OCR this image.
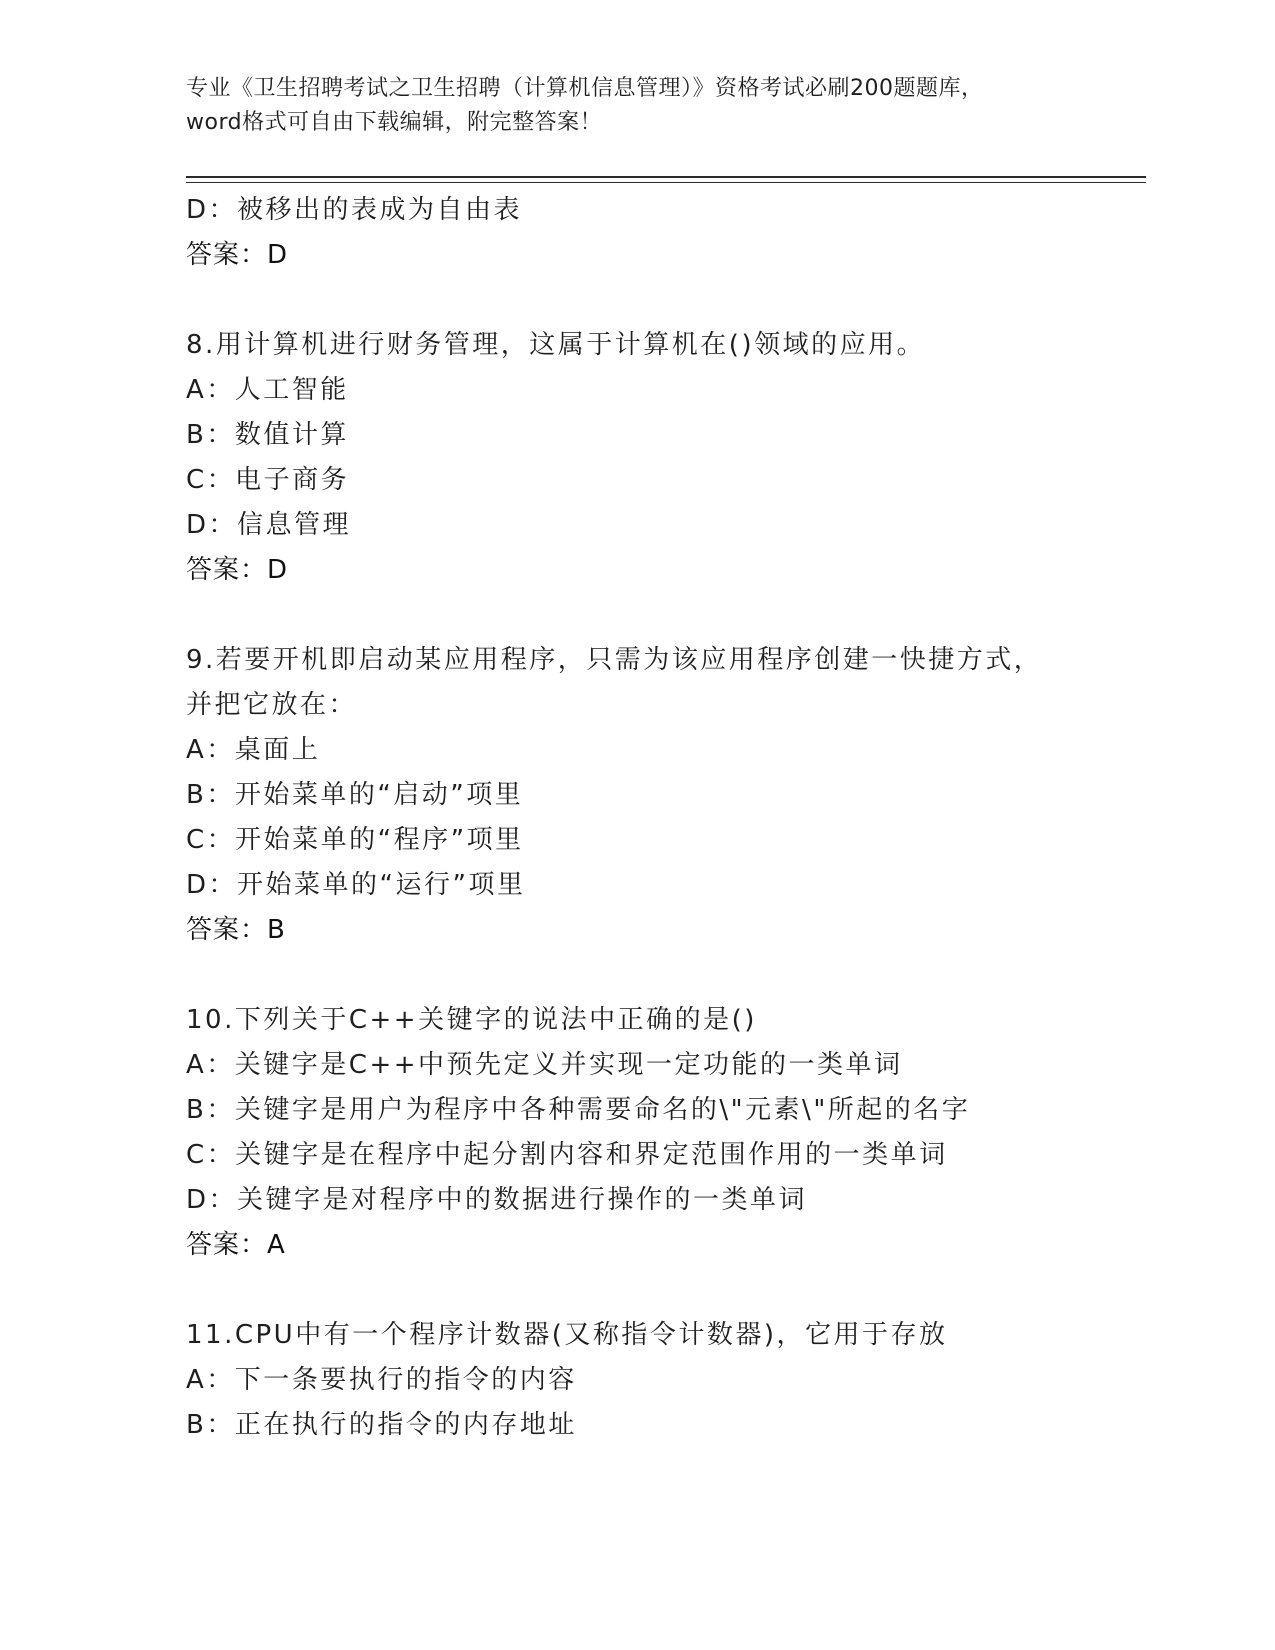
专业《卫生招聘考试之卫生招聘（计算机信息管理）》资格考试必刷200题题库，
word格式可自由下载编辑，附完整答案！
D：被移出的表成为自由表
答案：D
8.用计算机进行财务管理，这属于计算机在()领域的应用。
A：人工智能
B：数值计算
C：电子商务
D：信息管理
答案：D
9.若要开机即启动某应用程序，只需为该应用程序创建一快捷方式，
并把它放在：
A：桌面上
B：开始菜单的“启动”项里
C：开始菜单的“程序”项里
D：开始菜单的“运行”项里
答案：B
10.下列关于C++关键字的说法中正确的是()
A：关键字是C++中预先定义并实现一定功能的一类单词
B：关键字是用户为程序中各种需要命名的\"元素\"所起的名字
C：关键字是在程序中起分割内容和界定范围作用的一类单词
D：关键字是对程序中的数据进行操作的一类单词
答案：A
11.CPU中有一个程序计数器(又称指令计数器)，它用于存放
A：下一条要执行的指令的内容
B：正在执行的指令的内存地址
